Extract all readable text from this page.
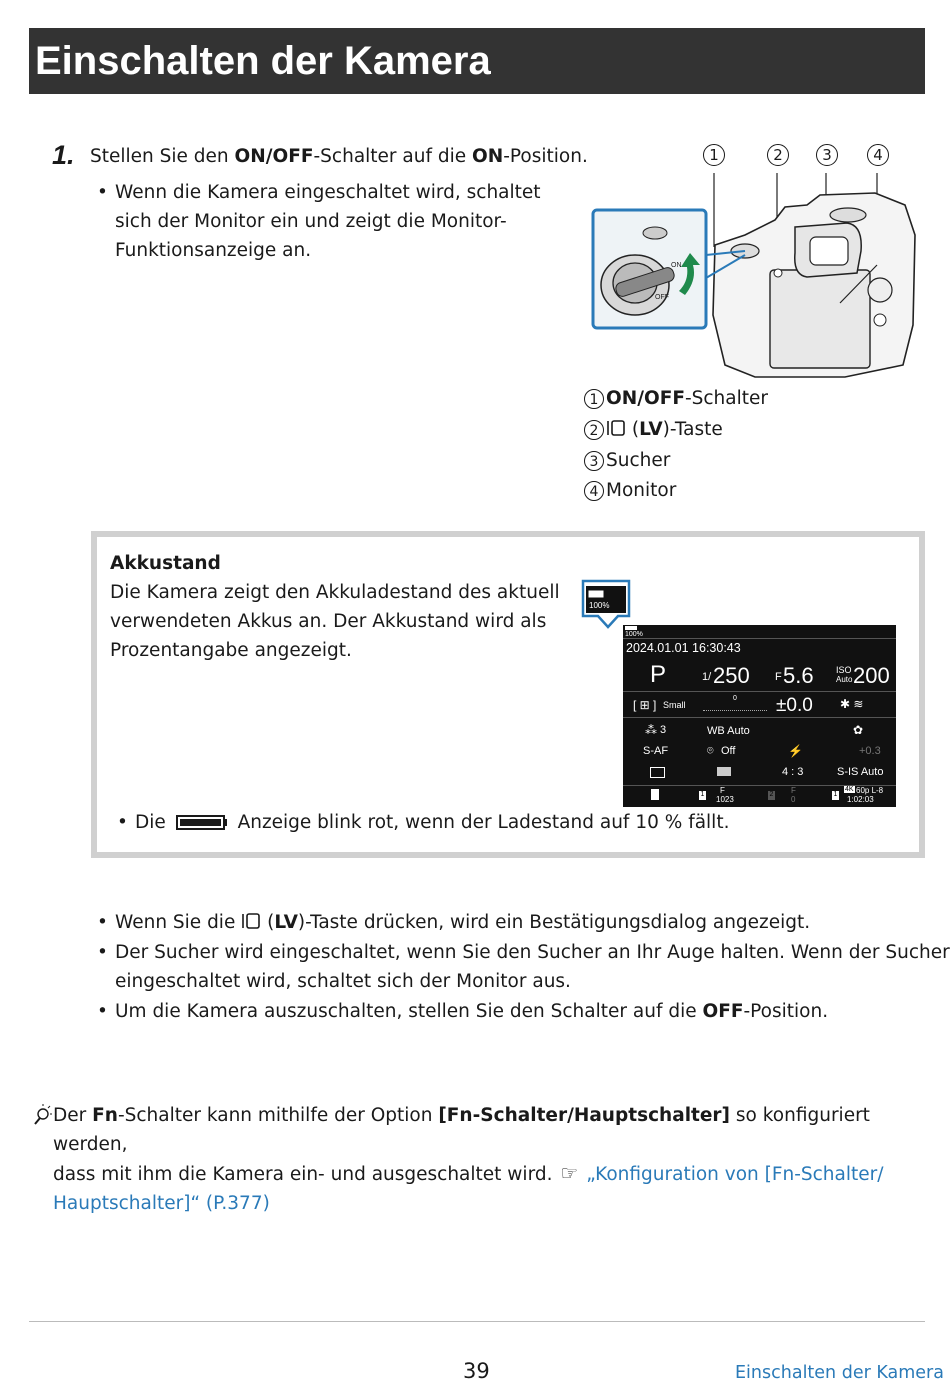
Einschalten der Kamera
1. Stellen Sie den ON/OFF-Schalter auf die ON-Position.
• Wenn die Kamera eingeschaltet wird, schaltet
sich der Monitor ein und zeigt die Monitor-
Funktionsanzeige an.
1	2	3	4
ON
OFF
1 ON/OFF-Schalter
2 (LV)-Taste
3 Sucher
4 Monitor
Akkustand
Die Kamera zeigt den Akkuladestand des aktuell
verwendeten Akkus an. Der Akkustand wird als
Prozentangabe angezeigt.
100%
100%
2024.01.01 16:30:43
P	1/ 250 F 5.6 ISO
Auto 200
[ ⊞ ] Small
0 ±0.0 ✱ ≋
⁂ 3	WB Auto	✿
S-AF	⌾ Off	⚡	+0.3
4 : 3	S-IS Auto
1 F
1023
2 F
0
1
4K 60p L-8
1:02:03
• Die	Anzeige blink rot, wenn der Ladestand auf 10 % fällt.
• Wenn Sie die  (LV)-Taste drücken, wird ein Bestätigungsdialog angezeigt.
• Der Sucher wird eingeschaltet, wenn Sie den Sucher an Ihr Auge halten. Wenn der Sucher
eingeschaltet wird, schaltet sich der Monitor aus.
• Um die Kamera auszuschalten, stellen Sie den Schalter auf die OFF-Position.
Der Fn-Schalter kann mithilfe der Option [Fn-Schalter/Hauptschalter] so konfiguriert werden,
dass mit ihm die Kamera ein- und ausgeschaltet wird. ☞ „Konfiguration von [Fn-Schalter/
Hauptschalter]“ (P.377)
39	Einschalten der Kamera
